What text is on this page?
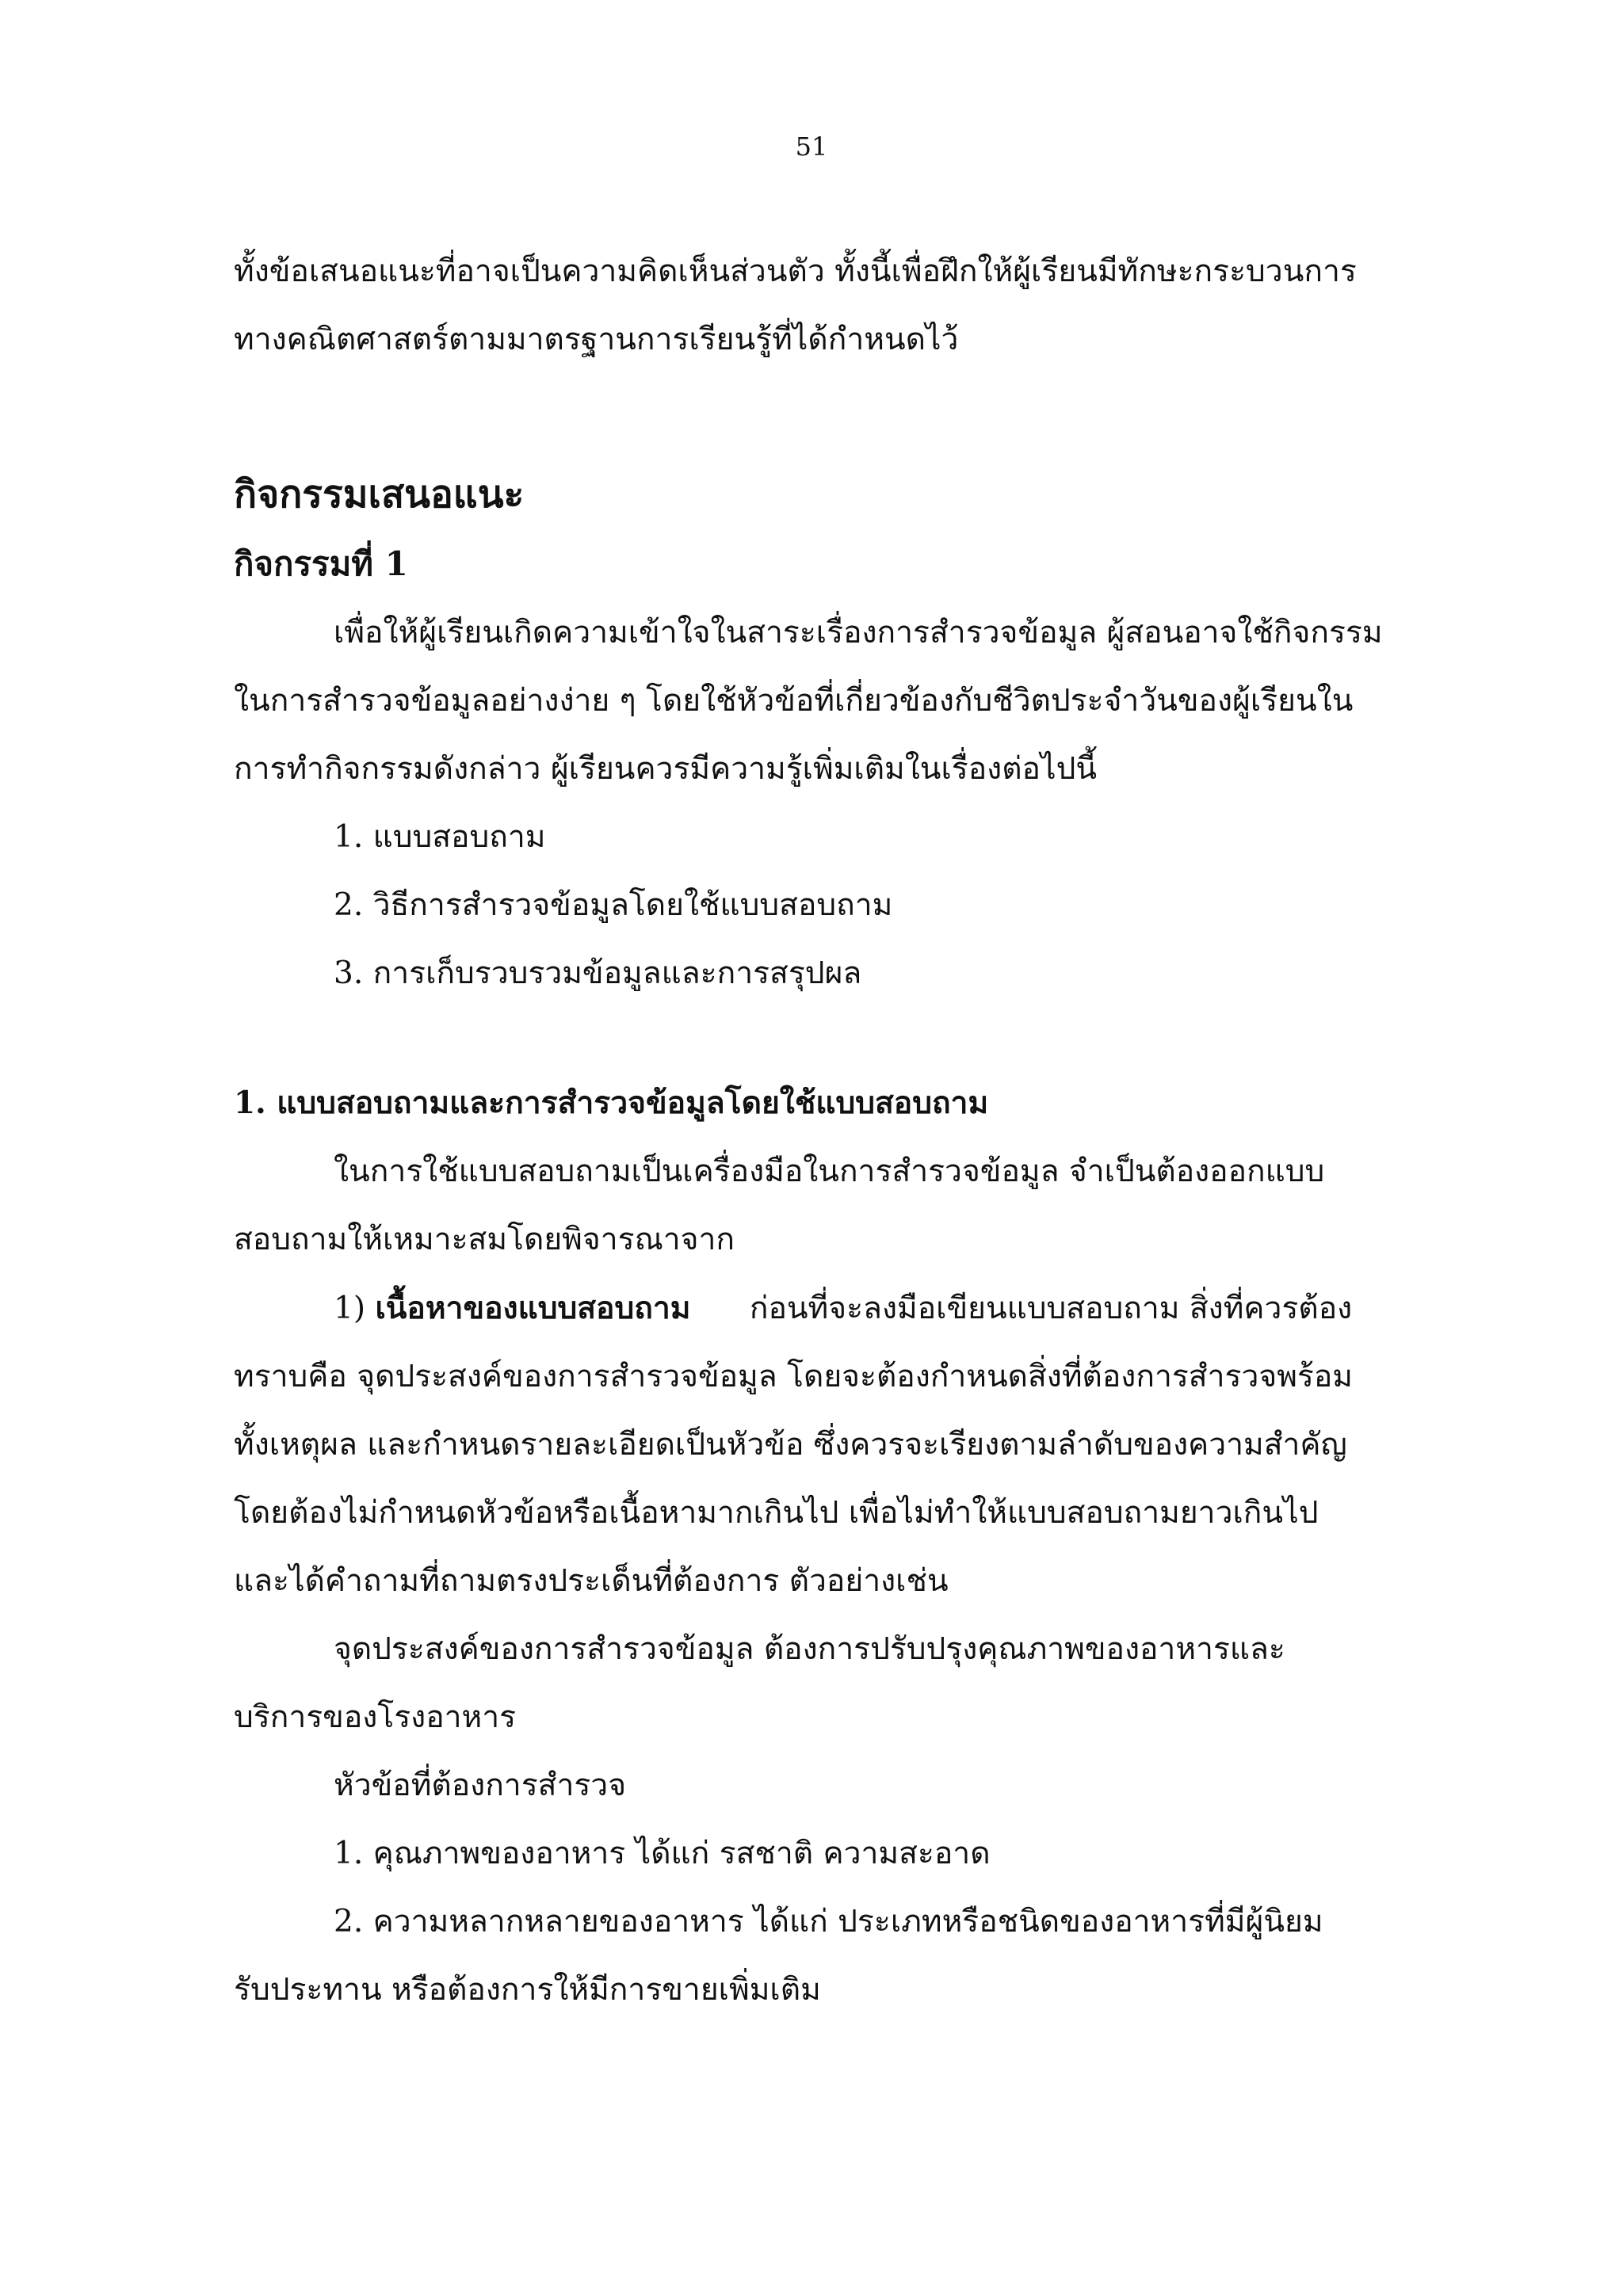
51

ทั้งข้อเสนอแนะที่อาจเป็นความคิดเห็นส่วนตัว ทั้งนี้เพื่อฝึกให้ผู้เรียนมีทักษะกระบวนการ

ทางคณิตศาสตร์ตามมาตรฐานการเรียนรู้ที่ได้กำหนดไว้

กิจกรรมเสนอแนะ

กิจกรรมที่ 1

เพื่อให้ผู้เรียนเกิดความเข้าใจในสาระเรื่องการสำรวจข้อมูล ผู้สอนอาจใช้กิจกรรม

ในการสำรวจข้อมูลอย่างง่าย ๆ โดยใช้หัวข้อที่เกี่ยวข้องกับชีวิตประจำวันของผู้เรียนใน

การทำกิจกรรมดังกล่าว ผู้เรียนควรมีความรู้เพิ่มเติมในเรื่องต่อไปนี้

1. แบบสอบถาม

2. วิธีการสำรวจข้อมูลโดยใช้แบบสอบถาม

3. การเก็บรวบรวมข้อมูลและการสรุปผล

1. แบบสอบถามและการสำรวจข้อมูลโดยใช้แบบสอบถาม

ในการใช้แบบสอบถามเป็นเครื่องมือในการสำรวจข้อมูล จำเป็นต้องออกแบบ

สอบถามให้เหมาะสมโดยพิจารณาจาก

1) เนื้อหาของแบบสอบถาม ก่อนที่จะลงมือเขียนแบบสอบถาม สิ่งที่ควรต้อง

ทราบคือ จุดประสงค์ของการสำรวจข้อมูล โดยจะต้องกำหนดสิ่งที่ต้องการสำรวจพร้อม

ทั้งเหตุผล และกำหนดรายละเอียดเป็นหัวข้อ ซึ่งควรจะเรียงตามลำดับของความสำคัญ

โดยต้องไม่กำหนดหัวข้อหรือเนื้อหามากเกินไป เพื่อไม่ทำให้แบบสอบถามยาวเกินไป

และได้คำถามที่ถามตรงประเด็นที่ต้องการ ตัวอย่างเช่น

จุดประสงค์ของการสำรวจข้อมูล ต้องการปรับปรุงคุณภาพของอาหารและ

บริการของโรงอาหาร

หัวข้อที่ต้องการสำรวจ

1. คุณภาพของอาหาร ได้แก่ รสชาติ ความสะอาด

2. ความหลากหลายของอาหาร ได้แก่ ประเภทหรือชนิดของอาหารที่มีผู้นิยม

รับประทาน หรือต้องการให้มีการขายเพิ่มเติม
